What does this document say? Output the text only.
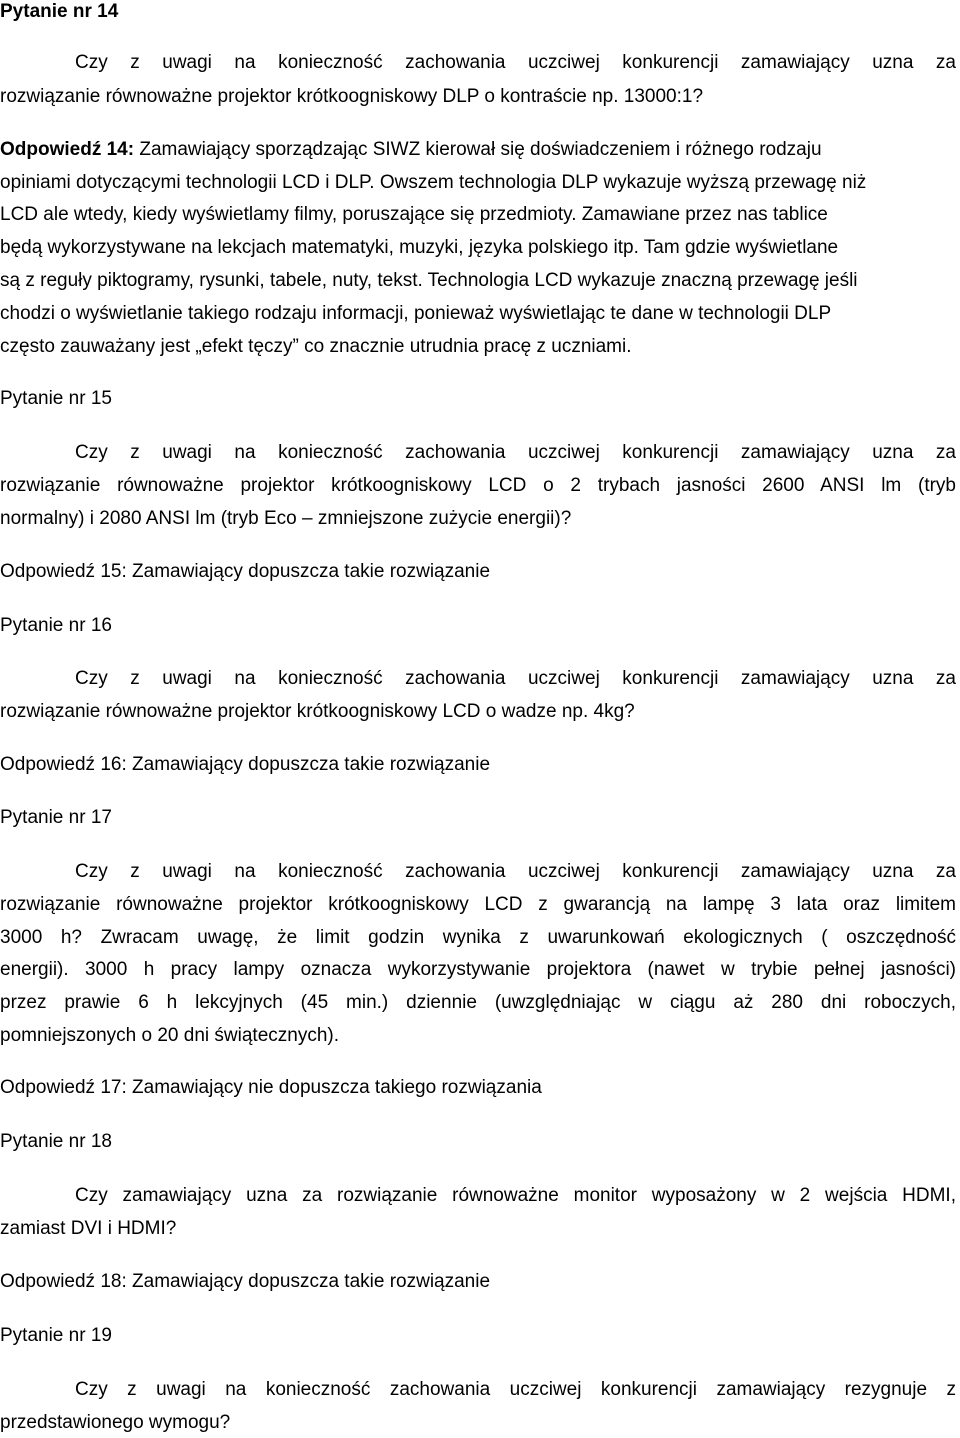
Pytanie nr 14
Czy z uwagi na konieczność zachowania uczciwej konkurencji zamawiający uzna za
rozwiązanie równoważne projektor krótkoogniskowy DLP o kontraście np. 13000:1?
Odpowiedź 14: Zamawiający sporządzając SIWZ kierował się doświadczeniem i różnego rodzaju
opiniami dotyczącymi technologii LCD i DLP. Owszem technologia DLP wykazuje wyższą przewagę niż
LCD ale wtedy, kiedy wyświetlamy filmy, poruszające się przedmioty. Zamawiane przez nas tablice
będą wykorzystywane na lekcjach matematyki, muzyki, języka polskiego itp. Tam gdzie wyświetlane
są z reguły piktogramy, rysunki, tabele, nuty, tekst. Technologia LCD wykazuje znaczną przewagę jeśli
chodzi o wyświetlanie takiego rodzaju informacji, ponieważ wyświetlając te dane w technologii DLP
często zauważany jest „efekt tęczy” co znacznie utrudnia pracę z uczniami.
Pytanie nr 15
Czy z uwagi na konieczność zachowania uczciwej konkurencji zamawiający uzna za
rozwiązanie równoważne projektor krótkoogniskowy LCD o 2 trybach jasności 2600 ANSI lm (tryb
normalny) i 2080 ANSI lm (tryb Eco – zmniejszone zużycie energii)?
Odpowiedź 15: Zamawiający dopuszcza takie rozwiązanie
Pytanie nr 16
Czy z uwagi na konieczność zachowania uczciwej konkurencji zamawiający uzna za
rozwiązanie równoważne projektor krótkoogniskowy LCD o wadze np. 4kg?
Odpowiedź 16: Zamawiający dopuszcza takie rozwiązanie
Pytanie nr 17
Czy z uwagi na konieczność zachowania uczciwej konkurencji zamawiający uzna za
rozwiązanie równoważne projektor krótkoogniskowy LCD z gwarancją na lampę 3 lata oraz limitem
3000 h? Zwracam uwagę, że limit godzin wynika z uwarunkowań ekologicznych ( oszczędność
energii). 3000 h pracy lampy oznacza wykorzystywanie projektora (nawet w trybie pełnej jasności)
przez prawie 6 h lekcyjnych (45 min.) dziennie (uwzględniając w ciągu aż 280 dni roboczych,
pomniejszonych o 20 dni świątecznych).
Odpowiedź 17: Zamawiający nie dopuszcza takiego rozwiązania
Pytanie nr 18
Czy zamawiający uzna za rozwiązanie równoważne monitor wyposażony w 2 wejścia HDMI,
zamiast DVI i HDMI?
Odpowiedź 18: Zamawiający dopuszcza takie rozwiązanie
Pytanie nr 19
Czy z uwagi na konieczność zachowania uczciwej konkurencji zamawiający rezygnuje z
przedstawionego wymogu?
